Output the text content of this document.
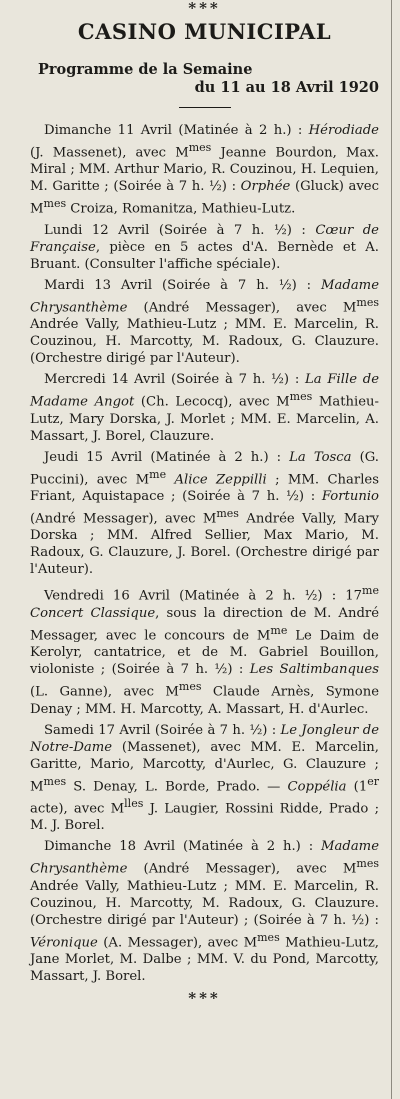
***
CASINO MUNICIPAL
Programme de la Semaine
du 11 au 18 Avril 1920
Dimanche 11 Avril (Matinée à 2 h.) : Hérodiade (J. Massenet), avec $M^{mes}$ Jeanne Bourdon, Max. Miral ; MM. Arthur Mario, R. Couzinou, H. Lequien, M. Garitte ; (Soirée à 7 h. ½) : Orphée (Gluck) avec $M^{mes}$ Croiza, Romanitza, Mathieu-Lutz.
Lundi 12 Avril (Soirée à 7 h. ½) : Cœur de Française, pièce en 5 actes d'A. Bernède et A. Bruant. (Consulter l'affiche spéciale).
Mardi 13 Avril (Soirée à 7 h. ½) : Madame Chrysanthème (André Messager), avec $M^{mes}$ Andrée Vally, Mathieu-Lutz ; MM. E. Marcelin, R. Couzinou, H. Marcotty, M. Radoux, G. Clauzure. (Orchestre dirigé par l'Auteur).
Mercredi 14 Avril (Soirée à 7 h. ½) : La Fille de Madame Angot (Ch. Lecocq), avec $M^{mes}$ Mathieu-Lutz, Mary Dorska, J. Morlet ; MM. E. Marcelin, A. Massart, J. Borel, Clauzure.
Jeudi 15 Avril (Matinée à 2 h.) : La Tosca (G. Puccini), avec $M^{me}$ Alice Zeppilli ; MM. Charles Friant, Aquistapace ; (Soirée à 7 h. ½) : Fortunio (André Messager), avec $M^{mes}$ Andrée Vally, Mary Dorska ; MM. Alfred Sellier, Max Mario, M. Radoux, G. Clauzure, J. Borel. (Orchestre dirigé par l'Auteur).
Vendredi 16 Avril (Matinée à 2 h. ½) : $17^{me}$ Concert Classique, sous la direction de M. André Messager, avec le concours de $M^{me}$ Le Daim de Kerolyr, cantatrice, et de M. Gabriel Bouillon, violoniste ; (Soirée à 7 h. ½) : Les Saltimbanques (L. Ganne), avec $M^{mes}$ Claude Arnès, Symone Denay ; MM. H. Marcotty, A. Massart, H. d'Aurlec.
Samedi 17 Avril (Soirée à 7 h. ½) : Le Jongleur de Notre-Dame (Massenet), avec MM. E. Marcelin, Garitte, Mario, Marcotty, d'Aurlec, G. Clauzure ; $M^{mes}$ S. Denay, L. Borde, Prado. — Coppélia (1er acte), avec $M^{lles}$ J. Laugier, Rossini Ridde, Prado ; M. J. Borel.
Dimanche 18 Avril (Matinée à 2 h.) : Madame Chrysanthème (André Messager), avec $M^{mes}$ Andrée Vally, Mathieu-Lutz ; MM. E. Marcelin, R. Couzinou, H. Marcotty, M. Radoux, G. Clauzure. (Orchestre dirigé par l'Auteur) ; (Soirée à 7 h. ½) : Véronique (A. Messager), avec $M^{mes}$ Mathieu-Lutz, Jane Morlet, M. Dalbe ; MM. V. du Pond, Marcotty, Massart, J. Borel.
***
